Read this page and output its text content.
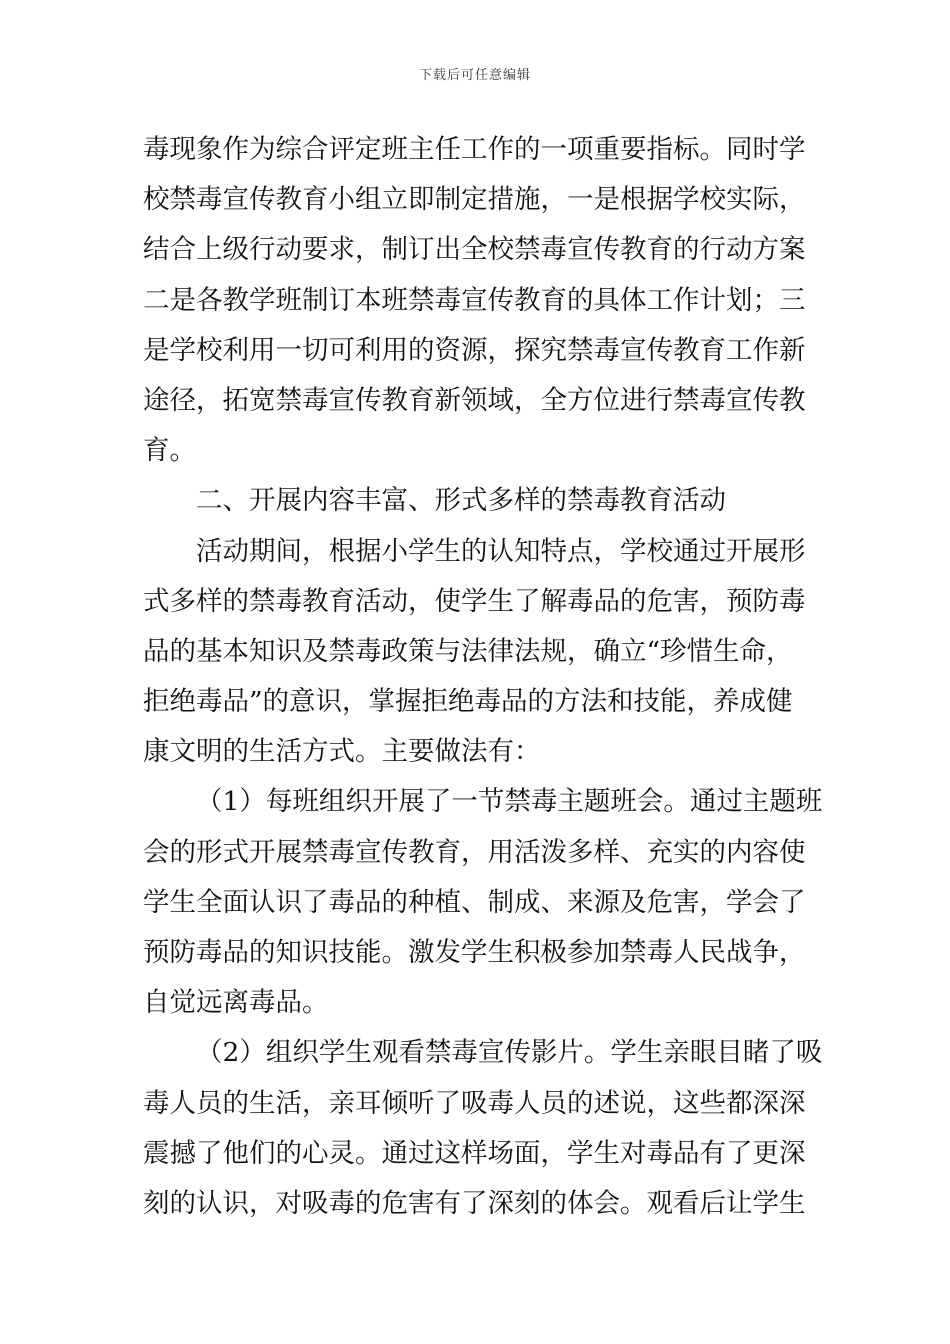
下载后可任意编辑
毒现象作为综合评定班主任工作的一项重要指标。同时学
校禁毒宣传教育小组立即制定措施，一是根据学校实际，
结合上级行动要求，制订出全校禁毒宣传教育的行动方案
二是各教学班制订本班禁毒宣传教育的具体工作计划；三
是学校利用一切可利用的资源，探究禁毒宣传教育工作新
途径，拓宽禁毒宣传教育新领域，全方位进行禁毒宣传教
育。
二、开展内容丰富、形式多样的禁毒教育活动
活动期间，根据小学生的认知特点，学校通过开展形
式多样的禁毒教育活动，使学生了解毒品的危害，预防毒
品的基本知识及禁毒政策与法律法规，确立“珍惜生命，
拒绝毒品”的意识，掌握拒绝毒品的方法和技能，养成健
康文明的生活方式。主要做法有：
（1）每班组织开展了一节禁毒主题班会。通过主题班
会的形式开展禁毒宣传教育，用活泼多样、充实的内容使
学生全面认识了毒品的种植、制成、来源及危害，学会了
预防毒品的知识技能。激发学生积极参加禁毒人民战争，
自觉远离毒品。
（2）组织学生观看禁毒宣传影片。学生亲眼目睹了吸
毒人员的生活，亲耳倾听了吸毒人员的述说，这些都深深
震撼了他们的心灵。通过这样场面，学生对毒品有了更深
刻的认识，对吸毒的危害有了深刻的体会。观看后让学生
